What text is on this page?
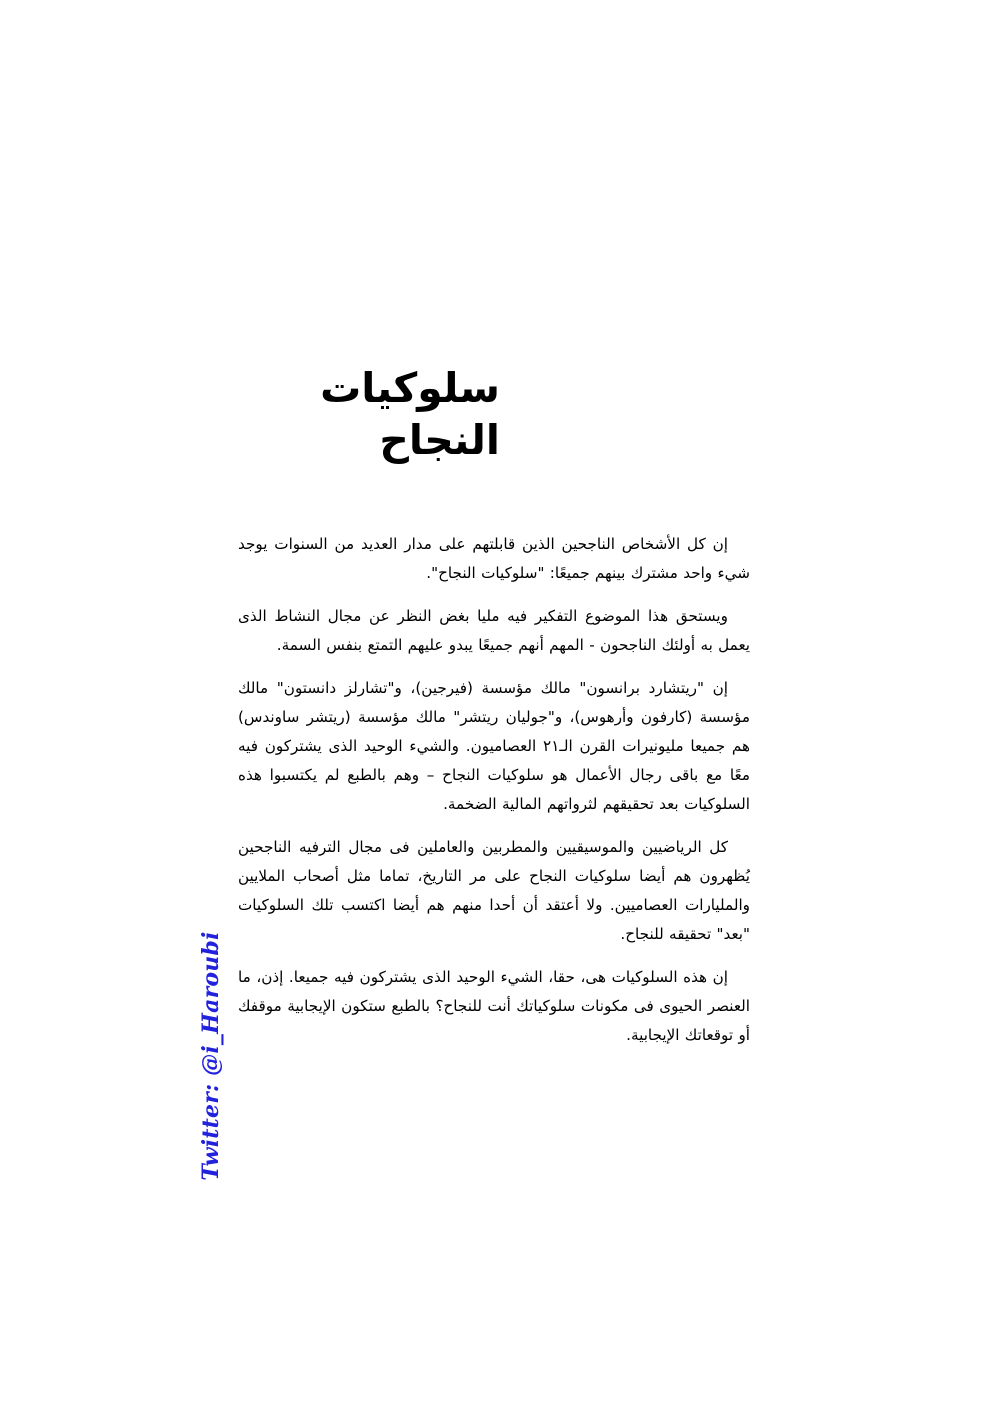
سلوكيات النجاح

إن كل الأشخاص الناجحين الذين قابلتهم على مدار العديد من السنوات يوجد شيء واحد مشترك بينهم جميعًا: "سلوكيات النجاح".

ويستحق هذا الموضوع التفكير فيه مليا بغض النظر عن مجال النشاط الذى يعمل به أولئك الناجحون - المهم أنهم جميعًا يبدو عليهم التمتع بنفس السمة.

إن "ريتشارد برانسون" مالك مؤسسة (فيرجين)، و"تشارلز دانستون" مالك مؤسسة (كارفون وأرهوس)، و"جوليان ريتشر" مالك مؤسسة (ريتشر ساوندس) هم جميعا مليونيرات القرن الـ٢١ العصاميون. والشيء الوحيد الذى يشتركون فيه معًا مع باقى رجال الأعمال هو سلوكيات النجاح – وهم بالطبع لم يكتسبوا هذه السلوكيات بعد تحقيقهم لثرواتهم المالية الضخمة.

كل الرياضيين والموسيقيين والمطربين والعاملين فى مجال الترفيه الناجحين يُظهرون هم أيضا سلوكيات النجاح على مر التاريخ، تماما مثل أصحاب الملايين والمليارات العصاميين. ولا أعتقد أن أحدا منهم هم أيضا اكتسب تلك السلوكيات "بعد" تحقيقه للنجاح.

إن هذه السلوكيات هى، حقا، الشيء الوحيد الذى يشتركون فيه جميعا. إذن، ما العنصر الحيوى فى مكونات سلوكياتك أنت للنجاح؟ بالطبع ستكون الإيجابية موقفك أو توقعاتك الإيجابية.

Twitter: @i_Haroubi
